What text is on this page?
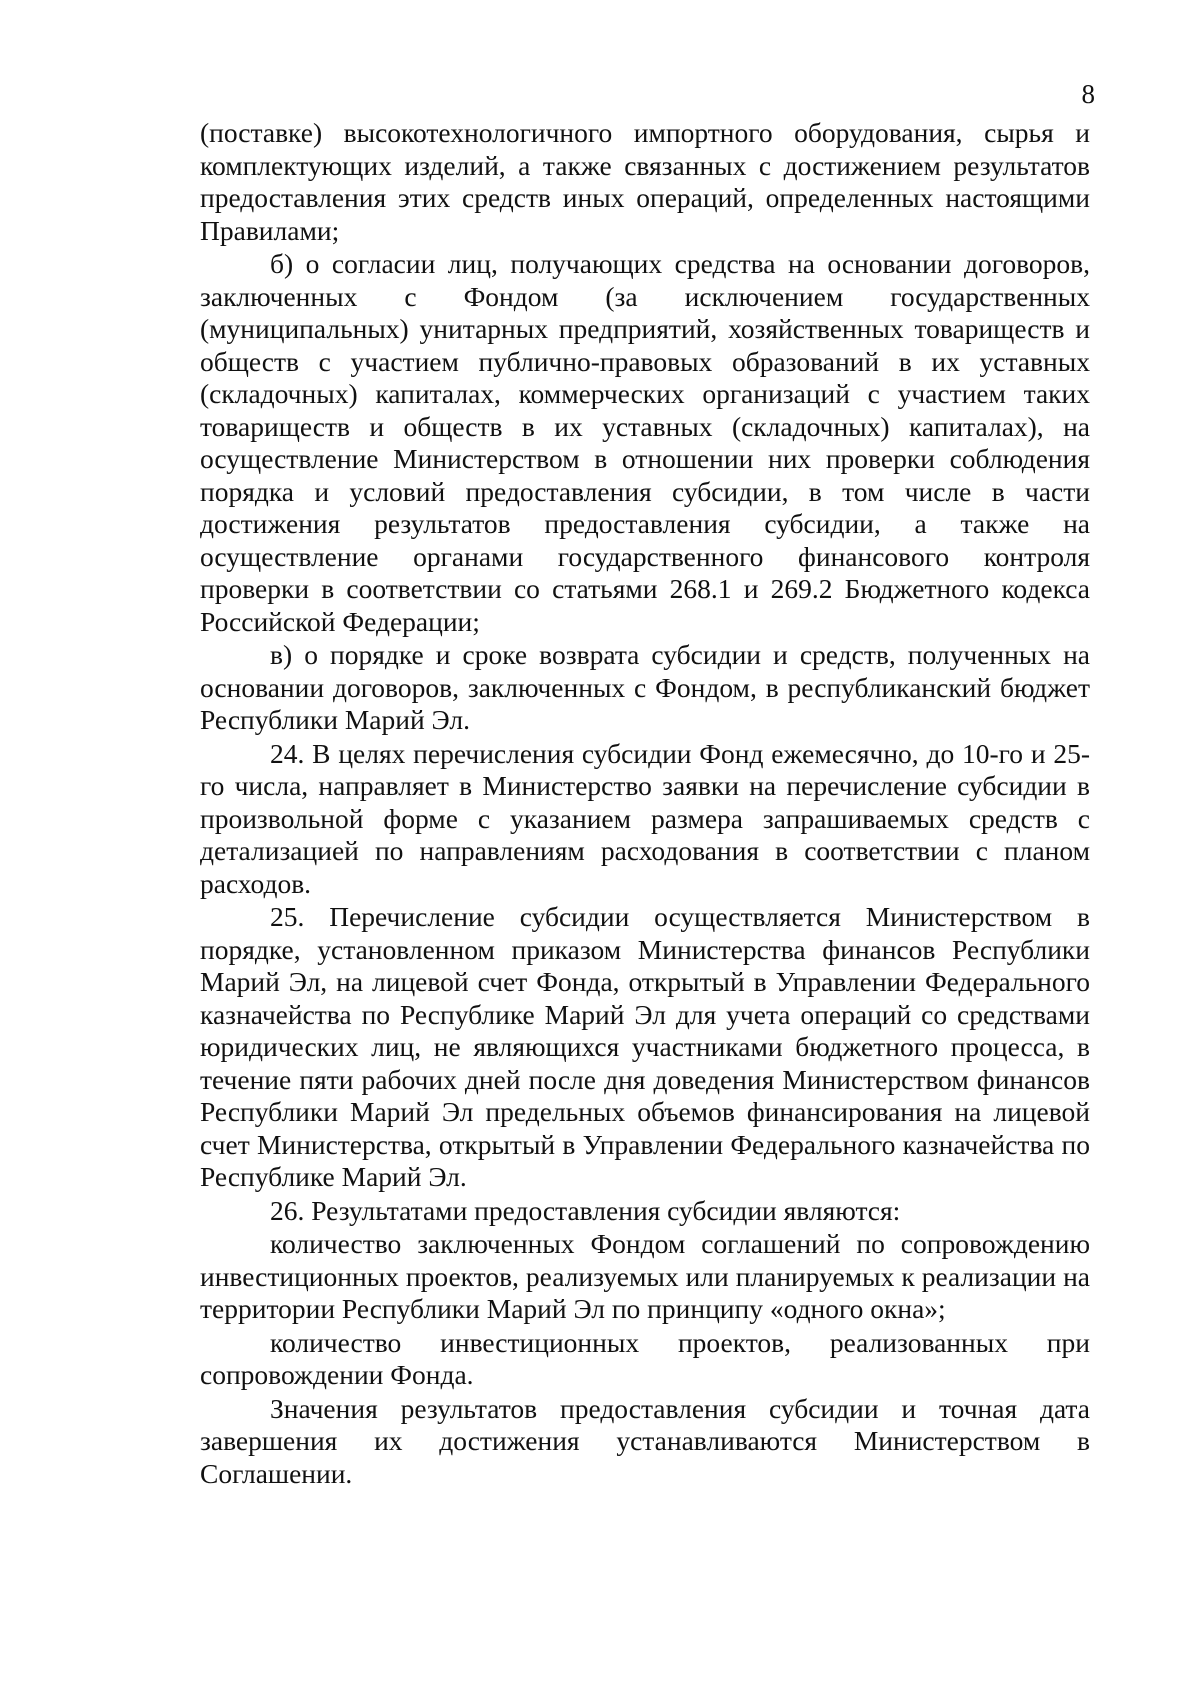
8

(поставке) высокотехнологичного импортного оборудования, сырья и комплектующих изделий, а также связанных с достижением результатов предоставления этих средств иных операций, определенных настоящими Правилами;

б) о согласии лиц, получающих средства на основании договоров, заключенных с Фондом (за исключением государственных (муниципальных) унитарных предприятий, хозяйственных товариществ и обществ с участием публично-правовых образований в их уставных (складочных) капиталах, коммерческих организаций с участием таких товариществ и обществ в их уставных (складочных) капиталах), на осуществление Министерством в отношении них проверки соблюдения порядка и условий предоставления субсидии, в том числе в части достижения результатов предоставления субсидии, а также на осуществление органами государственного финансового контроля проверки в соответствии со статьями 268.1 и 269.2 Бюджетного кодекса Российской Федерации;

в) о порядке и сроке возврата субсидии и средств, полученных на основании договоров, заключенных с Фондом, в республиканский бюджет Республики Марий Эл.

24. В целях перечисления субсидии Фонд ежемесячно, до 10-го и 25-го числа, направляет в Министерство заявки на перечисление субсидии в произвольной форме с указанием размера запрашиваемых средств с детализацией по направлениям расходования в соответствии с планом расходов.

25. Перечисление субсидии осуществляется Министерством в порядке, установленном приказом Министерства финансов Республики Марий Эл, на лицевой счет Фонда, открытый в Управлении Федерального казначейства по Республике Марий Эл для учета операций со средствами юридических лиц, не являющихся участниками бюджетного процесса, в течение пяти рабочих дней после дня доведения Министерством финансов Республики Марий Эл предельных объемов финансирования на лицевой счет Министерства, открытый в Управлении Федерального казначейства по Республике Марий Эл.

26. Результатами предоставления субсидии являются:

количество заключенных Фондом соглашений по сопровождению инвестиционных проектов, реализуемых или планируемых к реализации на территории Республики Марий Эл по принципу «одного окна»;

количество инвестиционных проектов, реализованных при сопровождении Фонда.

Значения результатов предоставления субсидии и точная дата завершения их достижения устанавливаются Министерством в Соглашении.
